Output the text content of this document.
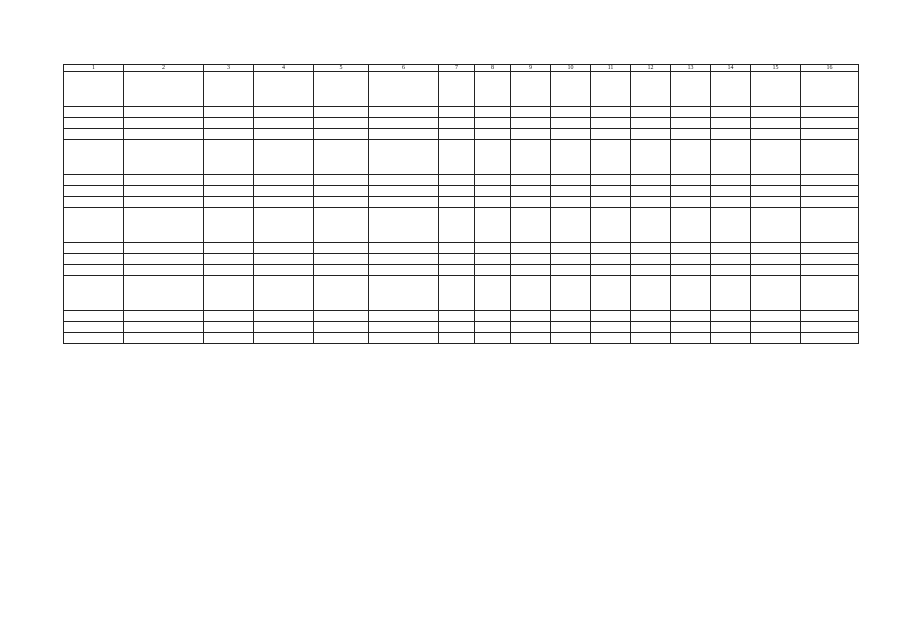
1	2	3	4	5	6	7	8	9	10	11	12	13	14	15	16
